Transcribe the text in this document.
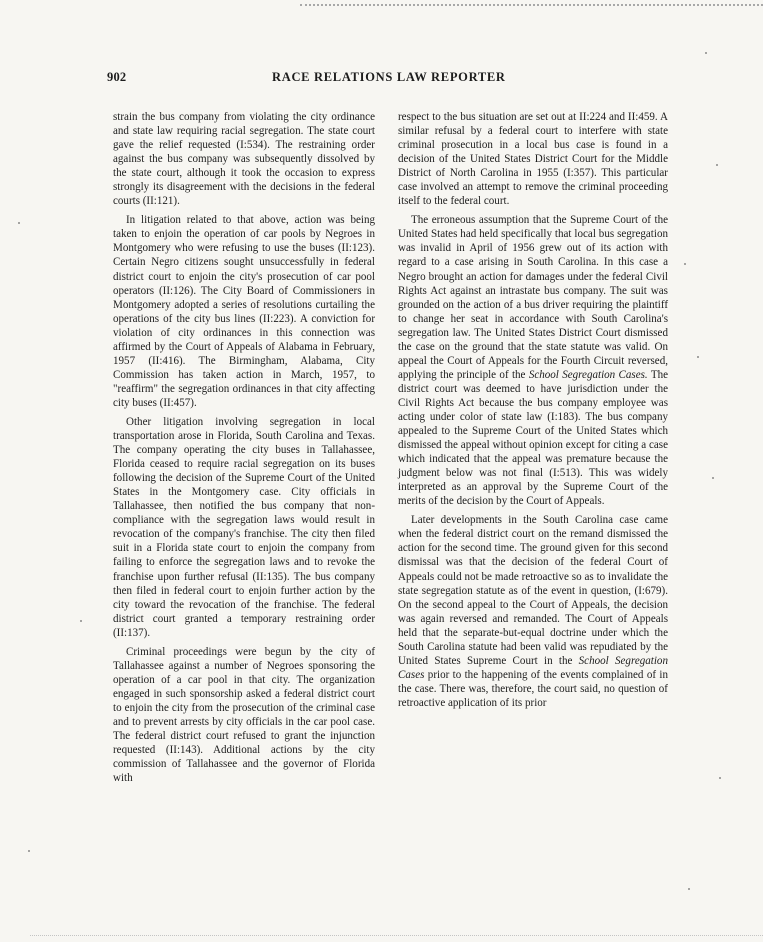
902	RACE RELATIONS LAW REPORTER

strain the bus company from violating the city ordinance and state law requiring racial segregation. The state court gave the relief requested (I:534). The restraining order against the bus company was subsequently dissolved by the state court, although it took the occasion to express strongly its disagreement with the decisions in the federal courts (II:121).

In litigation related to that above, action was being taken to enjoin the operation of car pools by Negroes in Montgomery who were refusing to use the buses (II:123). Certain Negro citizens sought unsuccessfully in federal district court to enjoin the city's prosecution of car pool operators (II:126). The City Board of Commissioners in Montgomery adopted a series of resolutions curtailing the operations of the city bus lines (II:223). A conviction for violation of city ordinances in this connection was affirmed by the Court of Appeals of Alabama in February, 1957 (II:416). The Birmingham, Alabama, City Commission has taken action in March, 1957, to "reaffirm" the segregation ordinances in that city affecting city buses (II:457).

Other litigation involving segregation in local transportation arose in Florida, South Carolina and Texas. The company operating the city buses in Tallahassee, Florida ceased to require racial segregation on its buses following the decision of the Supreme Court of the United States in the Montgomery case. City officials in Tallahassee, then notified the bus company that non-compliance with the segregation laws would result in revocation of the company's franchise. The city then filed suit in a Florida state court to enjoin the company from failing to enforce the segregation laws and to revoke the franchise upon further refusal (II:135). The bus company then filed in federal court to enjoin further action by the city toward the revocation of the franchise. The federal district court granted a temporary restraining order (II:137).

Criminal proceedings were begun by the city of Tallahassee against a number of Negroes sponsoring the operation of a car pool in that city. The organization engaged in such sponsorship asked a federal district court to enjoin the city from the prosecution of the criminal case and to prevent arrests by city officials in the car pool case. The federal district court refused to grant the injunction requested (II:143). Additional actions by the city commission of Tallahassee and the governor of Florida with

respect to the bus situation are set out at II:224 and II:459. A similar refusal by a federal court to interfere with state criminal prosecution in a local bus case is found in a decision of the United States District Court for the Middle District of North Carolina in 1955 (I:357). This particular case involved an attempt to remove the criminal proceeding itself to the federal court.

The erroneous assumption that the Supreme Court of the United States had held specifically that local bus segregation was invalid in April of 1956 grew out of its action with regard to a case arising in South Carolina. In this case a Negro brought an action for damages under the federal Civil Rights Act against an intrastate bus company. The suit was grounded on the action of a bus driver requiring the plaintiff to change her seat in accordance with South Carolina's segregation law. The United States District Court dismissed the case on the ground that the state statute was valid. On appeal the Court of Appeals for the Fourth Circuit reversed, applying the principle of the School Segregation Cases. The district court was deemed to have jurisdiction under the Civil Rights Act because the bus company employee was acting under color of state law (I:183). The bus company appealed to the Supreme Court of the United States which dismissed the appeal without opinion except for citing a case which indicated that the appeal was premature because the judgment below was not final (I:513). This was widely interpreted as an approval by the Supreme Court of the merits of the decision by the Court of Appeals.

Later developments in the South Carolina case came when the federal district court on the remand dismissed the action for the second time. The ground given for this second dismissal was that the decision of the federal Court of Appeals could not be made retroactive so as to invalidate the state segregation statute as of the event in question, (I:679). On the second appeal to the Court of Appeals, the decision was again reversed and remanded. The Court of Appeals held that the separate-but-equal doctrine under which the South Carolina statute had been valid was repudiated by the United States Supreme Court in the School Segregation Cases prior to the happening of the events complained of in the case. There was, therefore, the court said, no question of retroactive application of its prior
